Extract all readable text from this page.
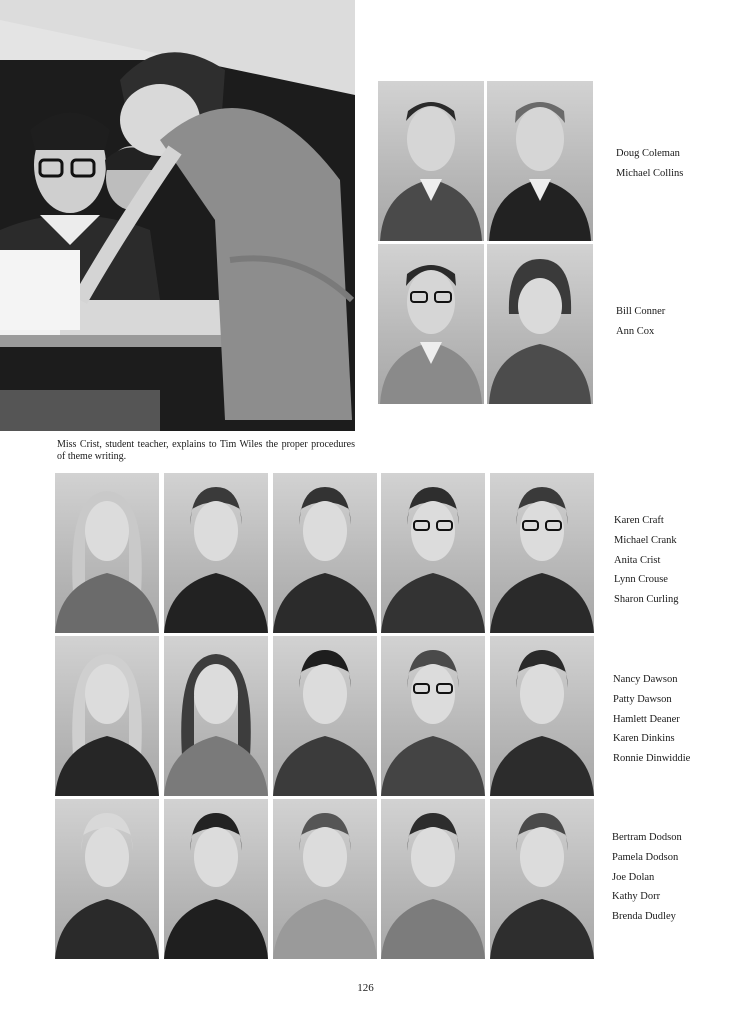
Miss Crist, student teacher, explains to Tim Wiles the proper procedures of theme writing.
Doug Coleman
Michael Collins
Bill Conner
Ann Cox
Karen Craft
Michael Crank
Anita Crist
Lynn Crouse
Sharon Curling
Nancy Dawson
Patty Dawson
Hamlett Deaner
Karen Dinkins
Ronnie Dinwiddie
Bertram Dodson
Pamela Dodson
Joe Dolan
Kathy Dorr
Brenda Dudley
126
